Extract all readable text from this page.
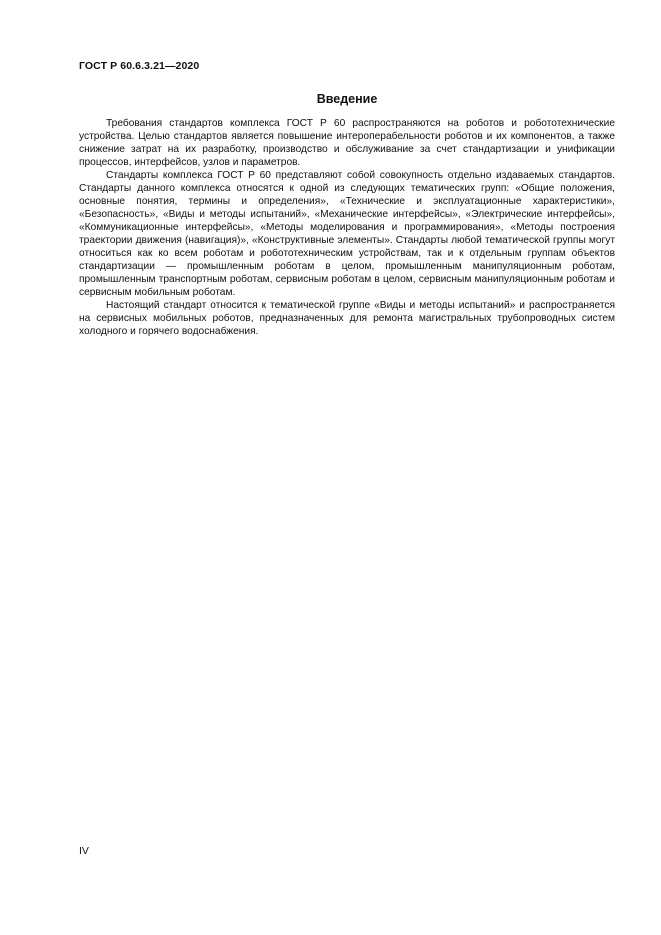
ГОСТ Р 60.6.3.21—2020
Введение

Требования стандартов комплекса ГОСТ Р 60 распространяются на роботов и робототехнические устройства. Целью стандартов является повышение интероперабельности роботов и их компонентов, а также снижение затрат на их разработку, производство и обслуживание за счет стандартизации и унификации процессов, интерфейсов, узлов и параметров.

Стандарты комплекса ГОСТ Р 60 представляют собой совокупность отдельно издаваемых стандартов. Стандарты данного комплекса относятся к одной из следующих тематических групп: «Общие положения, основные понятия, термины и определения», «Технические и эксплуатационные характеристики», «Безопасность», «Виды и методы испытаний», «Механические интерфейсы», «Электрические интерфейсы», «Коммуникационные интерфейсы», «Методы моделирования и программирования», «Методы построения траектории движения (навигация)», «Конструктивные элементы». Стандарты любой тематической группы могут относиться как ко всем роботам и робототехническим устройствам, так и к отдельным группам объектов стандартизации — промышленным роботам в целом, промышленным манипуляционным роботам, промышленным транспортным роботам, сервисным роботам в целом, сервисным манипуляционным роботам и сервисным мобильным роботам.

Настоящий стандарт относится к тематической группе «Виды и методы испытаний» и распространяется на сервисных мобильных роботов, предназначенных для ремонта магистральных трубопроводных систем холодного и горячего водоснабжения.

IV
